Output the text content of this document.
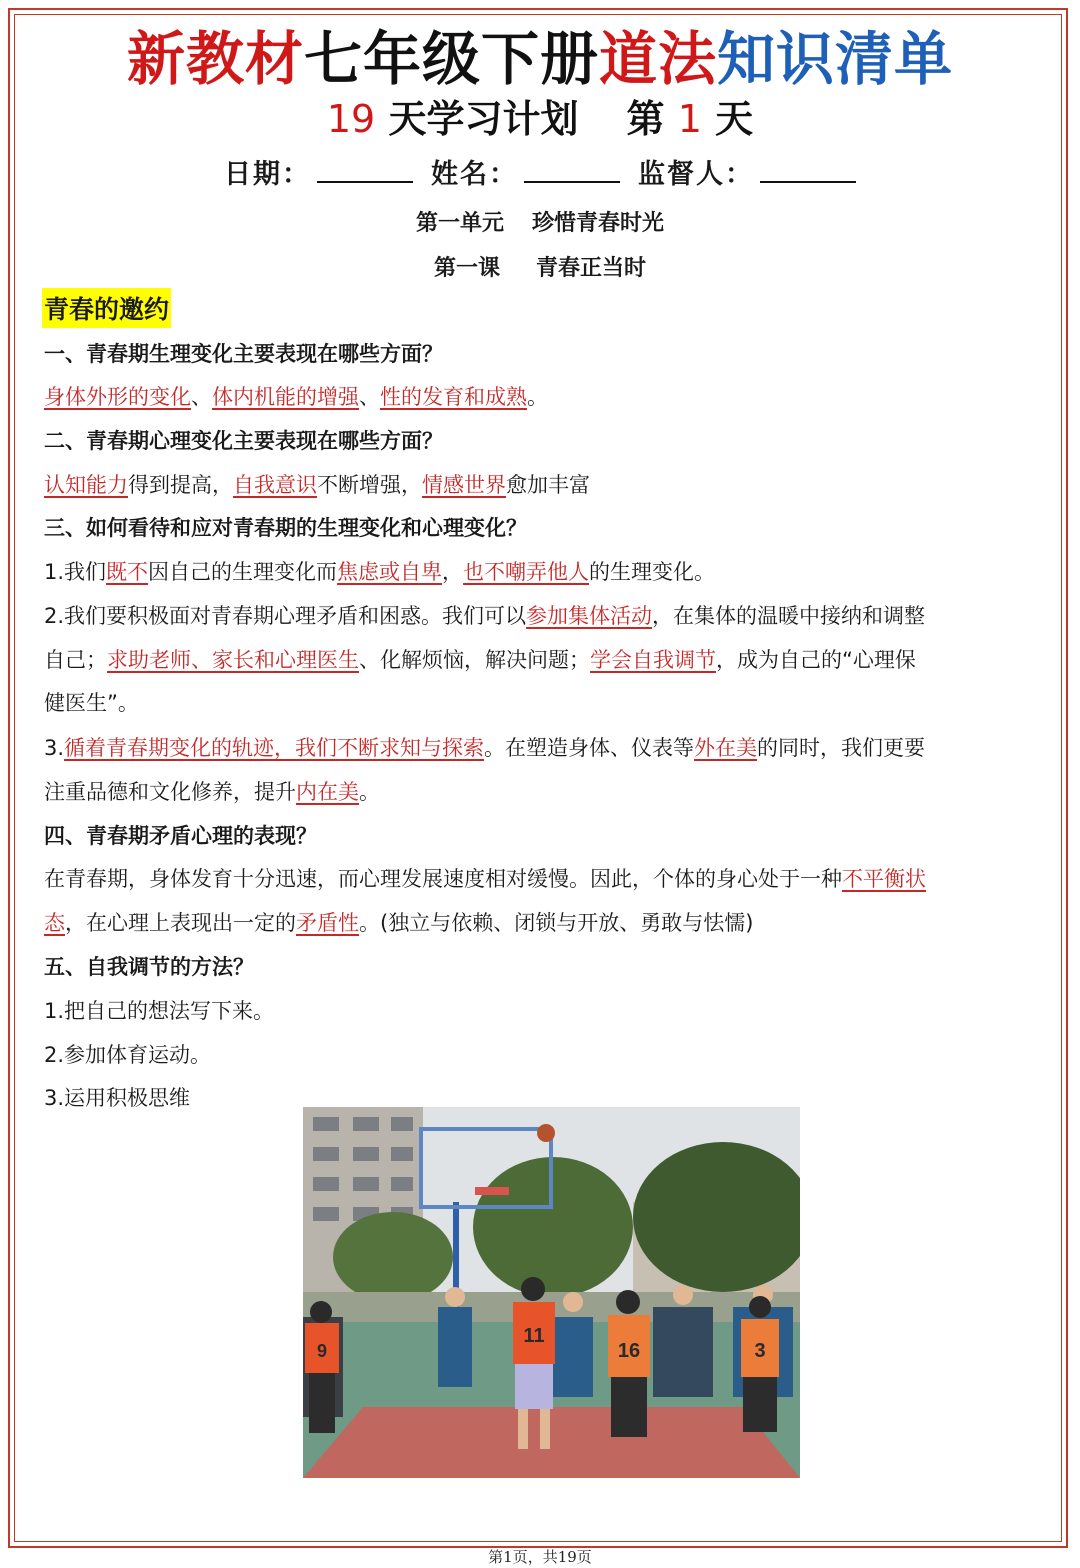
新教材七年级下册道法知识清单
19 天学习计划 第 1 天
日期：	姓名：	监督人：
第一单元 珍惜青春时光
第一课 青春正当时
青春的邀约
一、青春期生理变化主要表现在哪些方面？
身体外形的变化、体内机能的增强、性的发育和成熟。
二、青春期心理变化主要表现在哪些方面？
认知能力得到提高，自我意识不断增强，情感世界愈加丰富
三、如何看待和应对青春期的生理变化和心理变化？
1.我们既不因自己的生理变化而焦虑或自卑，也不嘲弄他人的生理变化。
2.我们要积极面对青春期心理矛盾和困惑。我们可以参加集体活动，在集体的温暖中接纳和调整
自己；求助老师、家长和心理医生、化解烦恼，解决问题；学会自我调节，成为自己的“心理保
健医生”。
3.循着青春期变化的轨迹，我们不断求知与探索。在塑造身体、仪表等外在美的同时，我们更要
注重品德和文化修养，提升内在美。
四、青春期矛盾心理的表现？
在青春期，身体发育十分迅速，而心理发展速度相对缓慢。因此，个体的身心处于一种不平衡状
态，在心理上表现出一定的矛盾性。(独立与依赖、闭锁与开放、勇敢与怯懦)
五、自我调节的方法？
1.把自己的想法写下来。
2.参加体育运动。
3.运用积极思维
9
11
16	3
第1页，共19页
